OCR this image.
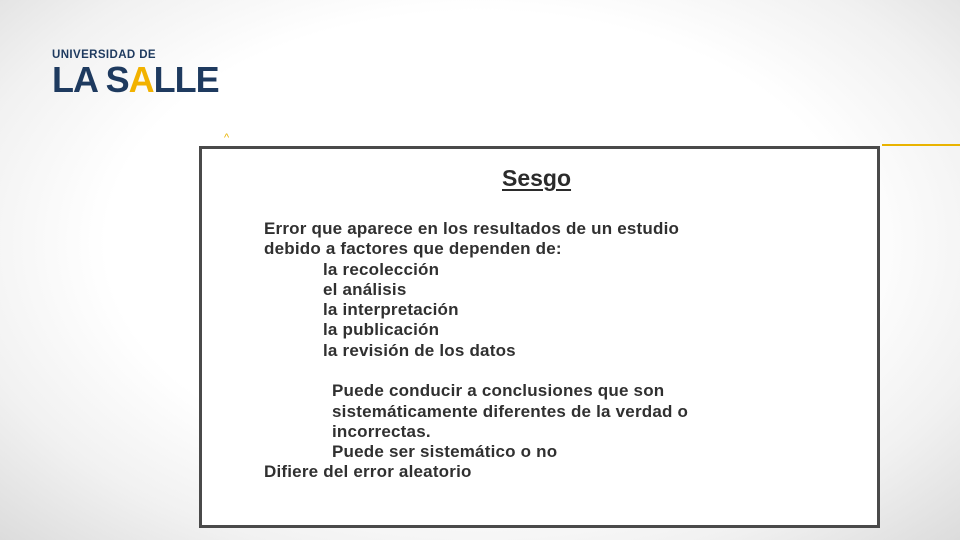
UNIVERSIDAD DE
LA SALLE
^
Sesgo
Error que aparece en los resultados de un estudio
debido a factores que dependen de:
la recolección
el análisis
la interpretación
la publicación
la revisión de los datos
Puede conducir a conclusiones que son
sistemáticamente diferentes de la verdad o
incorrectas.
Puede ser sistemático o no
Difiere del error aleatorio
